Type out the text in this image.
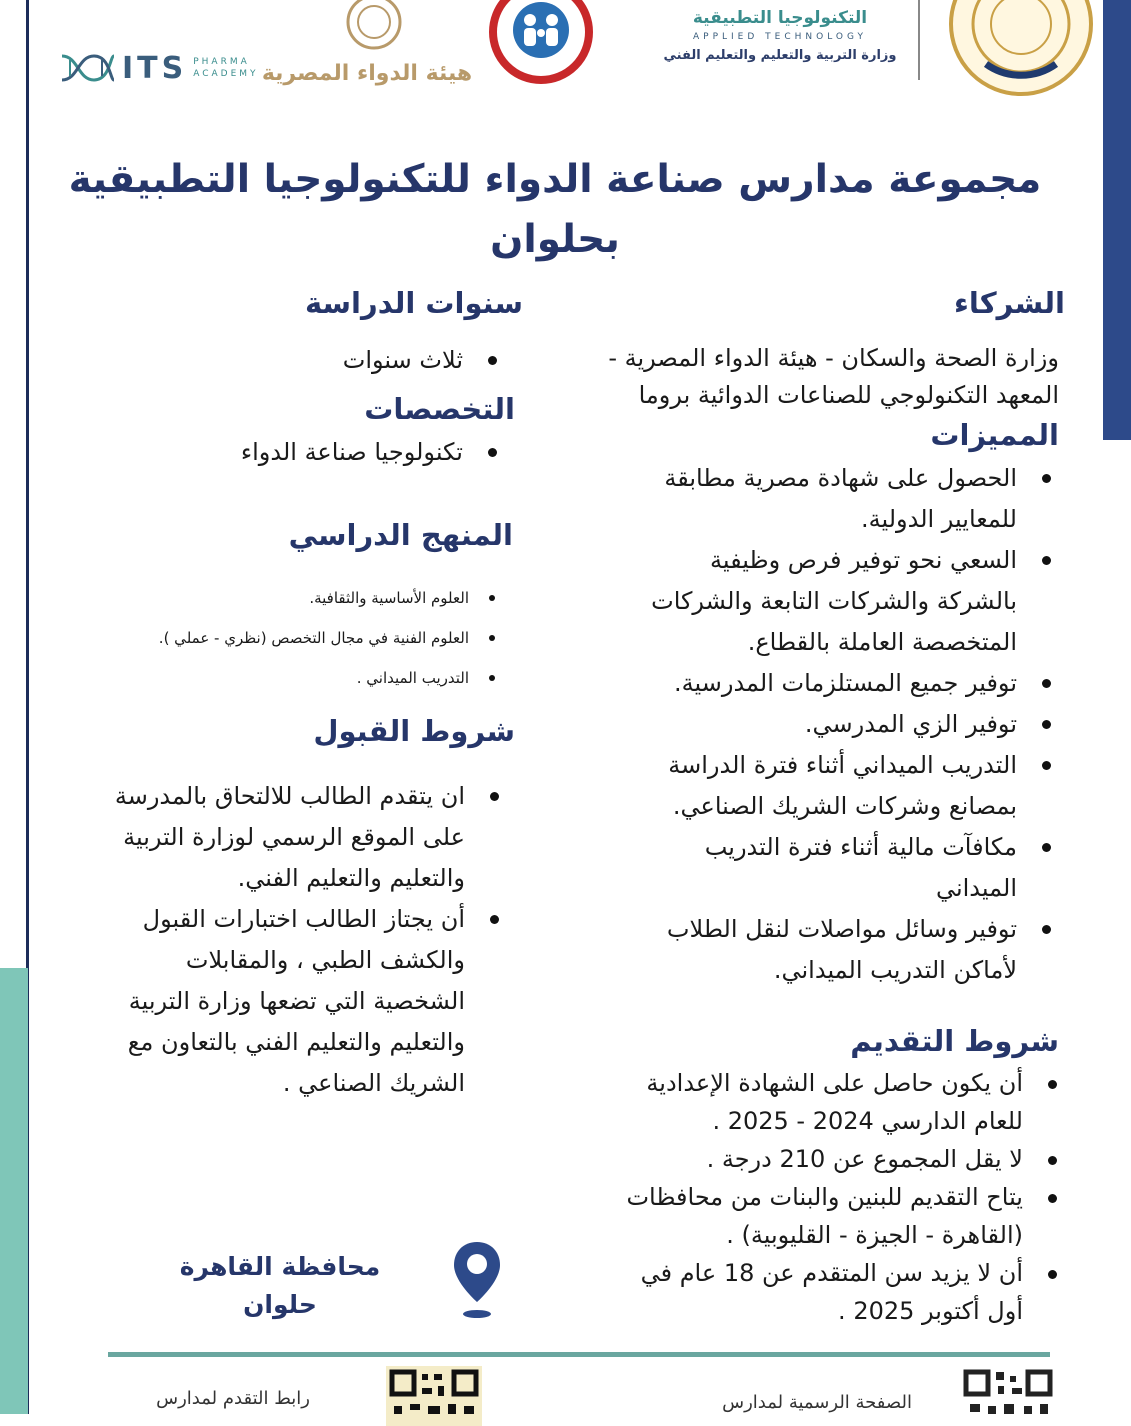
ITS PHARMA
ACADEMY هيئة الدواء المصرية
التكنولوجيا التطبيقية
APPLIED TECHNOLOGY
وزارة التربية والتعليم والتعليم الفني
مجموعة مدارس صناعة الدواء للتكنولوجيا التطبيقية
بحلوان
الشركاء
وزارة الصحة والسكان - هيئة الدواء المصرية -
المعهد التكنولوجي للصناعات الدوائية بروما
المميزات
الحصول على شهادة مصرية مطابقة
للمعايير الدولية.
السعي نحو توفير فرص وظيفية
بالشركة والشركات التابعة والشركات
المتخصصة العاملة بالقطاع.
توفير جميع المستلزمات المدرسية.
توفير الزي المدرسي.
التدريب الميداني أثناء فترة الدراسة
بمصانع وشركات الشريك الصناعي.
مكافآت مالية أثناء فترة التدريب
الميداني
توفير وسائل مواصلات لنقل الطلاب
لأماكن التدريب الميداني.
شروط التقديم
أن يكون حاصل على الشهادة الإعدادية
للعام الدارسي 2024 - 2025 .
لا يقل المجموع عن 210 درجة .
يتاح التقديم للبنين والبنات من محافظات
(القاهرة - الجيزة - القليوبية) .
أن لا يزيد سن المتقدم عن 18 عام في
أول أكتوبر 2025 .
سنوات الدراسة
ثلاث سنوات
التخصصات
تكنولوجيا صناعة الدواء
المنهج الدراسي
العلوم الأساسية والثقافية.
العلوم الفنية في مجال التخصص (نظري - عملي ).
التدريب الميداني .
شروط القبول
ان يتقدم الطالب للالتحاق بالمدرسة
على الموقع الرسمي لوزارة التربية
والتعليم والتعليم الفني.
أن يجتاز الطالب اختبارات القبول
والكشف الطبي ، والمقابلات
الشخصية التي تضعها وزارة التربية
والتعليم والتعليم الفني بالتعاون مع
الشريك الصناعي .
محافظة القاهرة
حلوان
رابط التقدم لمدارس	الصفحة الرسمية لمدارس
